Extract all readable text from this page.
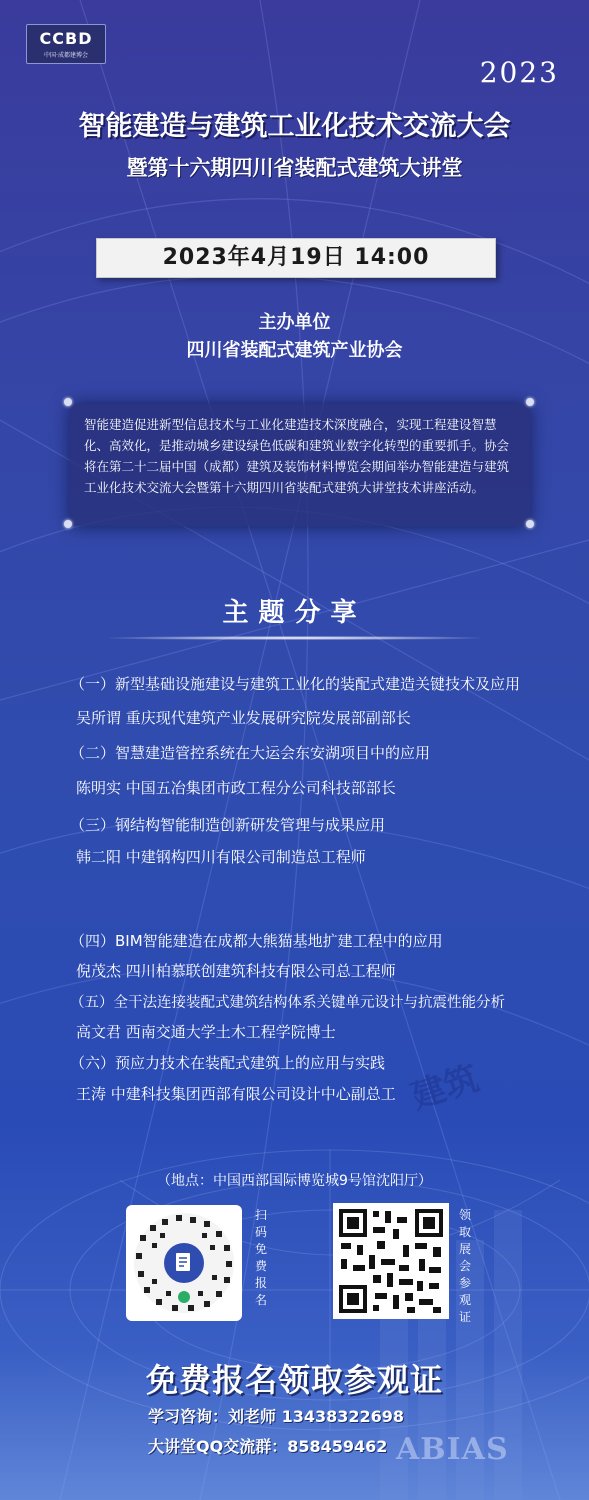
建筑
CCBD
中国·成都建博会
2023
智能建造与建筑工业化技术交流大会
暨第十六期四川省装配式建筑大讲堂
2023年4月19日 14:00
主办单位
四川省装配式建筑产业协会
智能建造促进新型信息技术与工业化建造技术深度融合，实现工程建设智慧化、高效化，是推动城乡建设绿色低碳和建筑业数字化转型的重要抓手。协会将在第二十二届中国（成都）建筑及装饰材料博览会期间举办智能建造与建筑工业化技术交流大会暨第十六期四川省装配式建筑大讲堂技术讲座活动。
主题分享
（一）新型基础设施建设与建筑工业化的装配式建造关键技术及应用
吴所谓 重庆现代建筑产业发展研究院发展部副部长
（二）智慧建造管控系统在大运会东安湖项目中的应用
陈明实 中国五冶集团市政工程分公司科技部部长
（三）钢结构智能制造创新研发管理与成果应用
韩二阳 中建钢构四川有限公司制造总工程师
（四）BIM智能建造在成都大熊猫基地扩建工程中的应用
倪茂杰 四川柏慕联创建筑科技有限公司总工程师
（五）全干法连接装配式建筑结构体系关键单元设计与抗震性能分析
高文君 西南交通大学土木工程学院博士
（六）预应力技术在装配式建筑上的应用与实践
王涛 中建科技集团西部有限公司设计中心副总工
（地点：中国西部国际博览城9号馆沈阳厅）
扫码免费报名
领取展会参观证
免费报名领取参观证
学习咨询：刘老师 13438322698
大讲堂QQ交流群：858459462 ABIAS
